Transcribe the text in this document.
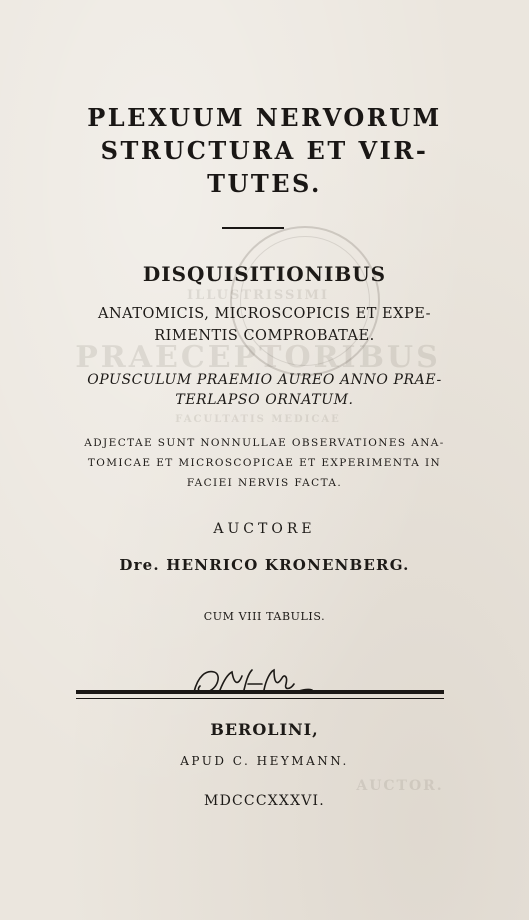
ILLUSTRISSIMI
PRAECEPTORIBUS
FACULTATIS MEDICAE
AUCTOR.
PLEXUUM NERVORUM
STRUCTURA ET VIR-
TUTES.
DISQUISITIONIBUS
ANATOMICIS, MICROSCOPICIS ET EXPE-
RIMENTIS COMPROBATAE.
OPUSCULUM PRAEMIO AUREO ANNO PRAE-
TERLAPSO ORNATUM.
ADJECTAE SUNT NONNULLAE OBSERVATIONES ANA-
TOMICAE ET MICROSCOPICAE ET EXPERIMENTA IN
FACIEI NERVIS FACTA.
AUCTORE
Dre. HENRICO KRONENBERG.
CUM VIII TABULIS.
BEROLINI,
APUD C. HEYMANN.
MDCCCXXXVI.
